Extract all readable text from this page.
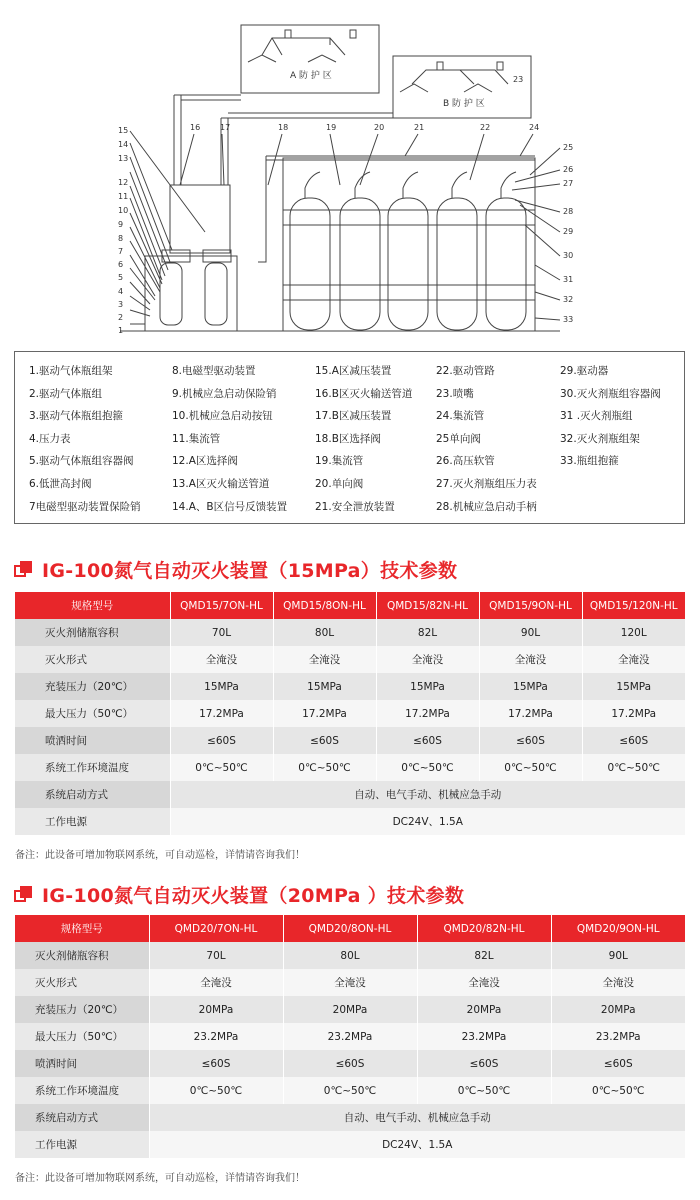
A 防 护 区
B 防 护 区
23
15
14
13
12
11
10
9
8
7
6
5
4
3
2
1
16 17	18	19	20	21	22	24
25
26
27
28
29
30
31
32
33
1.驱动气体瓶组架
2.驱动气体瓶组
3.驱动气体瓶组抱箍
4.压力表
5.驱动气体瓶组容器阀
6.低泄高封阀
7电磁型驱动装置保险销
8.电磁型驱动装置
9.机械应急启动保险销
10.机械应急启动按钮
11.集流管
12.A区选择阀
13.A区灭火输送管道
14.A、B区信号反馈装置
15.A区减压装置
16.B区灭火输送管道
17.B区减压装置
18.B区选择阀
19.集流管
20.单向阀
21.安全泄放装置
22.驱动管路
23.喷嘴
24.集流管
25单向阀
26.高压软管
27.灭火剂瓶组压力表
28.机械应急启动手柄
29.驱动器
30.灭火剂瓶组容器阀
31 .灭火剂瓶组
32.灭火剂瓶组架
33.瓶组抱箍
IG-100氮气自动灭火装置（15MPa）技术参数
规格型号	QMD15/7ON-HL	QMD15/8ON-HL	QMD15/82N-HL	QMD15/9ON-HL	QMD15/120N-HL
灭火剂储瓶容积	70L	80L	82L	90L	120L
灭火形式	全淹没	全淹没	全淹没	全淹没	全淹没
充装压力（20℃）	15MPa	15MPa	15MPa	15MPa	15MPa
最大压力（50℃）	17.2MPa	17.2MPa	17.2MPa	17.2MPa	17.2MPa
喷洒时间	≤60S	≤60S	≤60S	≤60S	≤60S
系统工作环境温度	0℃~50℃	0℃~50℃	0℃~50℃	0℃~50℃	0℃~50℃
系统启动方式	自动、电气手动、机械应急手动				
工作电源	DC24V、1.5A				
备注：此设备可增加物联网系统，可自动巡检，详情请咨询我们！
IG-100氮气自动灭火装置（20MPa ）技术参数
规格型号	QMD20/7ON-HL	QMD20/8ON-HL	QMD20/82N-HL	QMD20/9ON-HL
灭火剂储瓶容积	70L	80L	82L	90L
灭火形式	全淹没	全淹没	全淹没	全淹没
充装压力（20℃）	20MPa	20MPa	20MPa	20MPa
最大压力（50℃）	23.2MPa	23.2MPa	23.2MPa	23.2MPa
喷洒时间	≤60S	≤60S	≤60S	≤60S
系统工作环境温度	0℃~50℃	0℃~50℃	0℃~50℃	0℃~50℃
系统启动方式	自动、电气手动、机械应急手动			
工作电源	DC24V、1.5A			
备注：此设备可增加物联网系统，可自动巡检，详情请咨询我们！
